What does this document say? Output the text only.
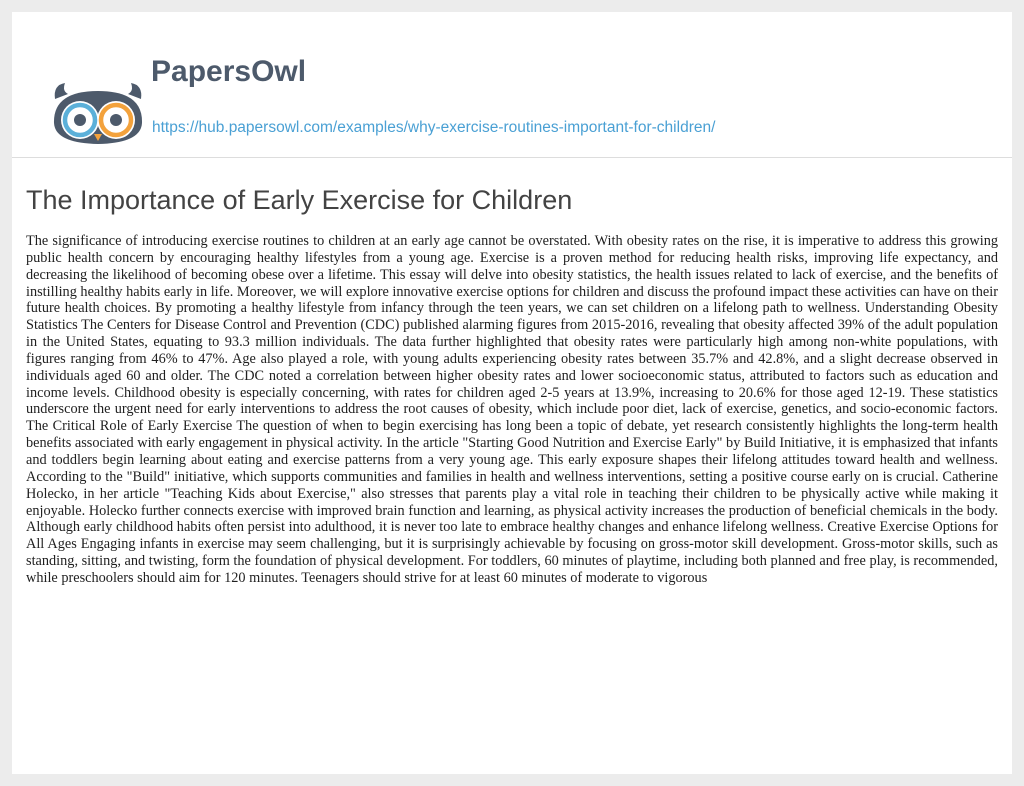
PapersOwl
https://hub.papersowl.com/examples/why-exercise-routines-important-for-children/
The Importance of Early Exercise for Children

The significance of introducing exercise routines to children at an early age cannot be overstated. With obesity rates on the rise, it is imperative to address this growing public health concern by encouraging healthy lifestyles from a young age. Exercise is a proven method for reducing health risks, improving life expectancy, and decreasing the likelihood of becoming obese over a lifetime. This essay will delve into obesity statistics, the health issues related to lack of exercise, and the benefits of instilling healthy habits early in life. Moreover, we will explore innovative exercise options for children and discuss the profound impact these activities can have on their future health choices. By promoting a healthy lifestyle from infancy through the teen years, we can set children on a lifelong path to wellness. Understanding Obesity Statistics The Centers for Disease Control and Prevention (CDC) published alarming figures from 2015-2016, revealing that obesity affected 39% of the adult population in the United States, equating to 93.3 million individuals. The data further highlighted that obesity rates were particularly high among non-white populations, with figures ranging from 46% to 47%. Age also played a role, with young adults experiencing obesity rates between 35.7% and 42.8%, and a slight decrease observed in individuals aged 60 and older. The CDC noted a correlation between higher obesity rates and lower socioeconomic status, attributed to factors such as education and income levels. Childhood obesity is especially concerning, with rates for children aged 2-5 years at 13.9%, increasing to 20.6% for those aged 12-19. These statistics underscore the urgent need for early interventions to address the root causes of obesity, which include poor diet, lack of exercise, genetics, and socio-economic factors. The Critical Role of Early Exercise The question of when to begin exercising has long been a topic of debate, yet research consistently highlights the long-term health benefits associated with early engagement in physical activity. In the article "Starting Good Nutrition and Exercise Early" by Build Initiative, it is emphasized that infants and toddlers begin learning about eating and exercise patterns from a very young age. This early exposure shapes their lifelong attitudes toward health and wellness. According to the "Build" initiative, which supports communities and families in health and wellness interventions, setting a positive course early on is crucial. Catherine Holecko, in her article "Teaching Kids about Exercise," also stresses that parents play a vital role in teaching their children to be physically active while making it enjoyable. Holecko further connects exercise with improved brain function and learning, as physical activity increases the production of beneficial chemicals in the body. Although early childhood habits often persist into adulthood, it is never too late to embrace healthy changes and enhance lifelong wellness. Creative Exercise Options for All Ages Engaging infants in exercise may seem challenging, but it is surprisingly achievable by focusing on gross-motor skill development. Gross-motor skills, such as standing, sitting, and twisting, form the foundation of physical development. For toddlers, 60 minutes of playtime, including both planned and free play, is recommended, while preschoolers should aim for 120 minutes. Teenagers should strive for at least 60 minutes of moderate to vigorous
